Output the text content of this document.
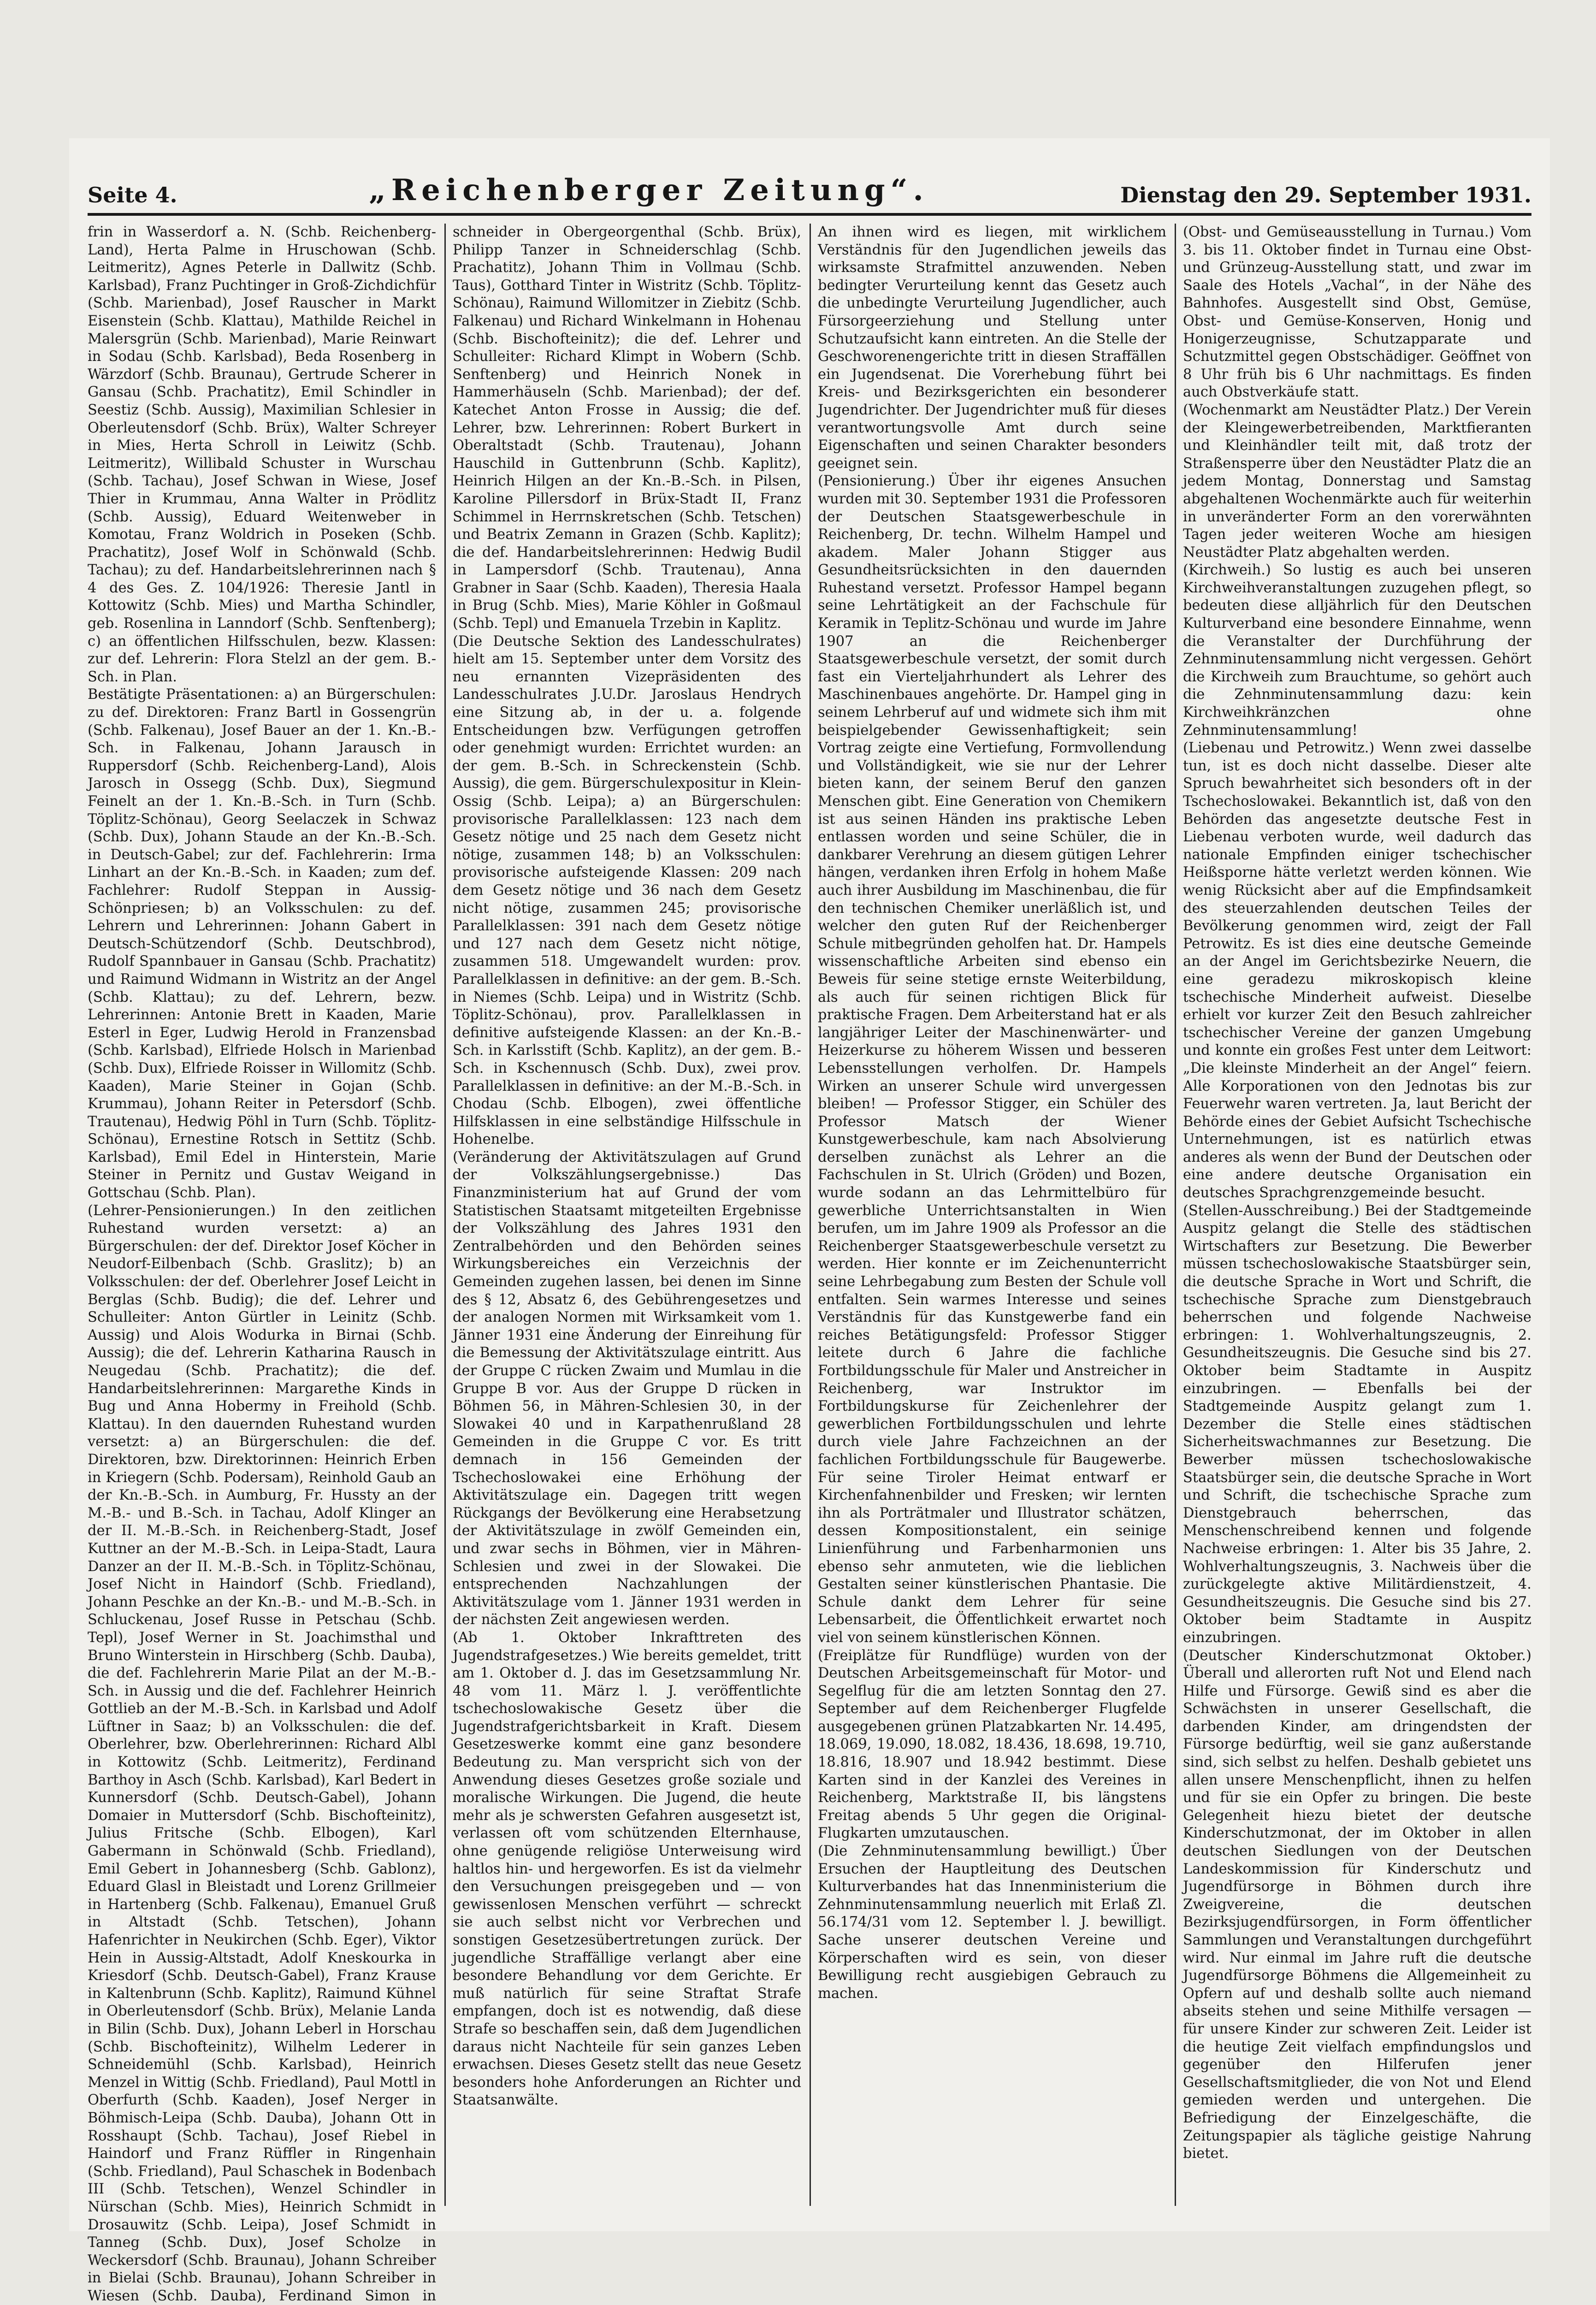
Seite 4.	„Reichenberger Zeitung“.	Dienstag den 29. September 1931.

frin in Wasserdorf a. N. (Schb. Reichenberg-Land), Herta Palme in Hruschowan (Schb. Leitmeritz), Agnes Peterle in Dallwitz (Schb. Karlsbad), Franz Puchtinger in Groß-Zichdichfür (Schb. Marienbad), Josef Rauscher in Markt Eisenstein (Schb. Klattau), Mathilde Reichel in Malersgrün (Schb. Marienbad), Marie Reinwart in Sodau (Schb. Karlsbad), Beda Rosenberg in Wärzdorf (Schb. Braunau), Gertrude Scherer in Gansau (Schb. Prachatitz), Emil Schindler in Seestiz (Schb. Aussig), Maximilian Schlesier in Oberleutensdorf (Schb. Brüx), Walter Schreyer in Mies, Herta Schroll in Leiwitz (Schb. Leitmeritz), Willibald Schuster in Wurschau (Schb. Tachau), Josef Schwan in Wiese, Josef Thier in Krummau, Anna Walter in Prödlitz (Schb. Aussig), Eduard Weitenweber in Komotau, Franz Woldrich in Poseken (Schb. Prachatitz), Josef Wolf in Schönwald (Schb. Tachau); zu def. Handarbeitslehrerinnen nach § 4 des Ges. Z. 104/1926: Theresie Jantl in Kottowitz (Schb. Mies) und Martha Schindler, geb. Rosenlina in Lanndorf (Schb. Senftenberg); c) an öffentlichen Hilfsschulen, bezw. Klassen: zur def. Lehrerin: Flora Stelzl an der gem. B.-Sch. in Plan.

Bestätigte Präsentationen: a) an Bürgerschulen: zu def. Direktoren: Franz Bartl in Gossengrün (Schb. Falkenau), Josef Bauer an der 1. Kn.-B.-Sch. in Falkenau, Johann Jarausch in Ruppersdorf (Schb. Reichenberg-Land), Alois Jarosch in Ossegg (Schb. Dux), Siegmund Feinelt an der 1. Kn.-B.-Sch. in Turn (Schb. Töplitz-Schönau), Georg Seelaczek in Schwaz (Schb. Dux), Johann Staude an der Kn.-B.-Sch. in Deutsch-Gabel; zur def. Fachlehrerin: Irma Linhart an der Kn.-B.-Sch. in Kaaden; zum def. Fachlehrer: Rudolf Steppan in Aussig-Schönpriesen; b) an Volksschulen: zu def. Lehrern und Lehrerinnen: Johann Gabert in Deutsch-Schützendorf (Schb. Deutschbrod), Rudolf Spannbauer in Gansau (Schb. Prachatitz) und Raimund Widmann in Wistritz an der Angel (Schb. Klattau); zu def. Lehrern, bezw. Lehrerinnen: Antonie Brett in Kaaden, Marie Esterl in Eger, Ludwig Herold in Franzensbad (Schb. Karlsbad), Elfriede Holsch in Marienbad (Schb. Dux), Elfriede Roisser in Willomitz (Schb. Kaaden), Marie Steiner in Gojan (Schb. Krummau), Johann Reiter in Petersdorf (Schb. Trautenau), Hedwig Pöhl in Turn (Schb. Töplitz-Schönau), Ernestine Rotsch in Settitz (Schb. Karlsbad), Emil Edel in Hinterstein, Marie Steiner in Pernitz und Gustav Weigand in Gottschau (Schb. Plan).

(Lehrer-Pensionierungen.) In den zeitlichen Ruhestand wurden versetzt: a) an Bürgerschulen: der def. Direktor Josef Köcher in Neudorf-Eilbenbach (Schb. Graslitz); b) an Volksschulen: der def. Oberlehrer Josef Leicht in Berglas (Schb. Budig); die def. Lehrer und Schulleiter: Anton Gürtler in Leinitz (Schb. Aussig) und Alois Wodurka in Birnai (Schb. Aussig); die def. Lehrerin Katharina Rausch in Neugedau (Schb. Prachatitz); die def. Handarbeitslehrerinnen: Margarethe Kinds in Bug und Anna Hobermy in Freihold (Schb. Klattau). In den dauernden Ruhestand wurden versetzt: a) an Bürgerschulen: die def. Direktoren, bzw. Direktorinnen: Heinrich Erben in Kriegern (Schb. Podersam), Reinhold Gaub an der Kn.-B.-Sch. in Aumburg, Fr. Hussty an der M.-B.- und B.-Sch. in Tachau, Adolf Klinger an der II. M.-B.-Sch. in Reichenberg-Stadt, Josef Kuttner an der M.-B.-Sch. in Leipa-Stadt, Laura Danzer an der II. M.-B.-Sch. in Töplitz-Schönau, Josef Nicht in Haindorf (Schb. Friedland), Johann Peschke an der Kn.-B.- und M.-B.-Sch. in Schluckenau, Josef Russe in Petschau (Schb. Tepl), Josef Werner in St. Joachimsthal und Bruno Winterstein in Hirschberg (Schb. Dauba), die def. Fachlehrerin Marie Pilat an der M.-B.-Sch. in Aussig und die def. Fachlehrer Heinrich Gottlieb an der M.-B.-Sch. in Karlsbad und Adolf Lüftner in Saaz; b) an Volksschulen: die def. Oberlehrer, bzw. Oberlehrerinnen: Richard Albl in Kottowitz (Schb. Leitmeritz), Ferdinand Barthoy in Asch (Schb. Karlsbad), Karl Bedert in Kunnersdorf (Schb. Deutsch-Gabel), Johann Domaier in Muttersdorf (Schb. Bischofteinitz), Julius Fritsche (Schb. Elbogen), Karl Gabermann in Schönwald (Schb. Friedland), Emil Gebert in Johannesberg (Schb. Gablonz), Eduard Glasl in Bleistadt und Lorenz Grillmeier in Hartenberg (Schb. Falkenau), Emanuel Gruß in Altstadt (Schb. Tetschen), Johann Hafenrichter in Neukirchen (Schb. Eger), Viktor Hein in Aussig-Altstadt, Adolf Kneskourka in Kriesdorf (Schb. Deutsch-Gabel), Franz Krause in Kaltenbrunn (Schb. Kaplitz), Raimund Kühnel in Oberleutensdorf (Schb. Brüx), Melanie Landa in Bilin (Schb. Dux), Johann Leberl in Horschau (Schb. Bischofteinitz), Wilhelm Lederer in Schneidemühl (Schb. Karlsbad), Heinrich Menzel in Wittig (Schb. Friedland), Paul Mottl in Oberfurth (Schb. Kaaden), Josef Nerger in Böhmisch-Leipa (Schb. Dauba), Johann Ott in Rosshaupt (Schb. Tachau), Josef Riebel in Haindorf und Franz Rüffler in Ringenhain (Schb. Friedland), Paul Schaschek in Bodenbach III (Schb. Tetschen), Wenzel Schindler in Nürschan (Schb. Mies), Heinrich Schmidt in Drosauwitz (Schb. Leipa), Josef Schmidt in Tanneg (Schb. Dux), Josef Scholze in Weckersdorf (Schb. Braunau), Johann Schreiber in Bielai (Schb. Braunau), Johann Schreiber in Wiesen (Schb. Dauba), Ferdinand Simon in

schneider in Obergeorgenthal (Schb. Brüx), Philipp Tanzer in Schneiderschlag (Schb. Prachatitz), Johann Thim in Vollmau (Schb. Taus), Gotthard Tinter in Wistritz (Schb. Töplitz-Schönau), Raimund Willomitzer in Ziebitz (Schb. Falkenau) und Richard Winkelmann in Hohenau (Schb. Bischofteinitz); die def. Lehrer und Schulleiter: Richard Klimpt in Wobern (Schb. Senftenberg) und Heinrich Nonek in Hammerhäuseln (Schb. Marienbad); der def. Katechet Anton Frosse in Aussig; die def. Lehrer, bzw. Lehrerinnen: Robert Burkert in Oberaltstadt (Schb. Trautenau), Johann Hauschild in Guttenbrunn (Schb. Kaplitz), Heinrich Hilgen an der Kn.-B.-Sch. in Pilsen, Karoline Pillersdorf in Brüx-Stadt II, Franz Schimmel in Herrnskretschen (Schb. Tetschen) und Beatrix Zemann in Grazen (Schb. Kaplitz); die def. Handarbeitslehrerinnen: Hedwig Budil in Lampersdorf (Schb. Trautenau), Anna Grabner in Saar (Schb. Kaaden), Theresia Haala in Brug (Schb. Mies), Marie Köhler in Goßmaul (Schb. Tepl) und Emanuela Trzebin in Kaplitz.

(Die Deutsche Sektion des Landesschulrates) hielt am 15. September unter dem Vorsitz des neu ernannten Vizepräsidenten des Landesschulrates J.U.Dr. Jaroslaus Hendrych eine Sitzung ab, in der u. a. folgende Entscheidungen bzw. Verfügungen getroffen oder genehmigt wurden: Errichtet wurden: an der gem. B.-Sch. in Schreckenstein (Schb. Aussig), die gem. Bürgerschulexpositur in Klein-Ossig (Schb. Leipa); a) an Bürgerschulen: provisorische Parallelklassen: 123 nach dem Gesetz nötige und 25 nach dem Gesetz nicht nötige, zusammen 148; b) an Volksschulen: provisorische aufsteigende Klassen: 209 nach dem Gesetz nötige und 36 nach dem Gesetz nicht nötige, zusammen 245; provisorische Parallelklassen: 391 nach dem Gesetz nötige und 127 nach dem Gesetz nicht nötige, zusammen 518. Umgewandelt wurden: prov. Parallelklassen in definitive: an der gem. B.-Sch. in Niemes (Schb. Leipa) und in Wistritz (Schb. Töplitz-Schönau), prov. Parallelklassen in definitive aufsteigende Klassen: an der Kn.-B.-Sch. in Karlsstift (Schb. Kaplitz), an der gem. B.-Sch. in Kschennusch (Schb. Dux), zwei prov. Parallelklassen in definitive: an der M.-B.-Sch. in Chodau (Schb. Elbogen), zwei öffentliche Hilfsklassen in eine selbständige Hilfsschule in Hohenelbe.

(Veränderung der Aktivitätszulagen auf Grund der Volkszählungsergebnisse.) Das Finanzministerium hat auf Grund der vom Statistischen Staatsamt mitgeteilten Ergebnisse der Volkszählung des Jahres 1931 den Zentralbehörden und den Behörden seines Wirkungsbereiches ein Verzeichnis der Gemeinden zugehen lassen, bei denen im Sinne des § 12, Absatz 6, des Gebührengesetzes und der analogen Normen mit Wirksamkeit vom 1. Jänner 1931 eine Änderung der Einreihung für die Bemessung der Aktivitätszulage eintritt. Aus der Gruppe C rücken Zwaim und Mumlau in die Gruppe B vor. Aus der Gruppe D rücken in Böhmen 56, in Mähren-Schlesien 30, in der Slowakei 40 und in Karpathenrußland 28 Gemeinden in die Gruppe C vor. Es tritt demnach in 156 Gemeinden der Tschechoslowakei eine Erhöhung der Aktivitätszulage ein. Dagegen tritt wegen Rückgangs der Bevölkerung eine Herabsetzung der Aktivitätszulage in zwölf Gemeinden ein, und zwar sechs in Böhmen, vier in Mähren-Schlesien und zwei in der Slowakei. Die entsprechenden Nachzahlungen der Aktivitätszulage vom 1. Jänner 1931 werden in der nächsten Zeit angewiesen werden.

(Ab 1. Oktober Inkrafttreten des Jugendstrafgesetzes.) Wie bereits gemeldet, tritt am 1. Oktober d. J. das im Gesetzsammlung Nr. 48 vom 11. März l. J. veröffentlichte tschechoslowakische Gesetz über die Jugendstrafgerichtsbarkeit in Kraft. Diesem Gesetzeswerke kommt eine ganz besondere Bedeutung zu. Man verspricht sich von der Anwendung dieses Gesetzes große soziale und moralische Wirkungen. Die Jugend, die heute mehr als je schwersten Gefahren ausgesetzt ist, verlassen oft vom schützenden Elternhause, ohne genügende religiöse Unterweisung wird haltlos hin- und hergeworfen. Es ist da vielmehr den Versuchungen preisgegeben und — von gewissenlosen Menschen verführt — schreckt sie auch selbst nicht vor Verbrechen und sonstigen Gesetzesübertretungen zurück. Der jugendliche Straffällige verlangt aber eine besondere Behandlung vor dem Gerichte. Er muß natürlich für seine Straftat Strafe empfangen, doch ist es notwendig, daß diese Strafe so beschaffen sein, daß dem Jugendlichen daraus nicht Nachteile für sein ganzes Leben erwachsen. Dieses Gesetz stellt das neue Gesetz besonders hohe Anforderungen an Richter und Staatsanwälte.

An ihnen wird es liegen, mit wirklichem Verständnis für den Jugendlichen jeweils das wirksamste Strafmittel anzuwenden. Neben bedingter Verurteilung kennt das Gesetz auch die unbedingte Verurteilung Jugendlicher, auch Fürsorgeerziehung und Stellung unter Schutzaufsicht kann eintreten. An die Stelle der Geschworenengerichte tritt in diesen Straffällen ein Jugendsenat. Die Vorerhebung führt bei Kreis- und Bezirksgerichten ein besonderer Jugendrichter. Der Jugendrichter muß für dieses verantwortungsvolle Amt durch seine Eigenschaften und seinen Charakter besonders geeignet sein.

(Pensionierung.) Über ihr eigenes Ansuchen wurden mit 30. September 1931 die Professoren der Deutschen Staatsgewerbeschule in Reichenberg, Dr. techn. Wilhelm Hampel und akadem. Maler Johann Stigger aus Gesundheitsrücksichten in den dauernden Ruhestand versetzt. Professor Hampel begann seine Lehrtätigkeit an der Fachschule für Keramik in Teplitz-Schönau und wurde im Jahre 1907 an die Reichenberger Staatsgewerbeschule versetzt, der somit durch fast ein Vierteljahrhundert als Lehrer des Maschinenbaues angehörte. Dr. Hampel ging in seinem Lehrberuf auf und widmete sich ihm mit beispielgebender Gewissenhaftigkeit; sein Vortrag zeigte eine Vertiefung, Formvollendung und Vollständigkeit, wie sie nur der Lehrer bieten kann, der seinem Beruf den ganzen Menschen gibt. Eine Generation von Chemikern ist aus seinen Händen ins praktische Leben entlassen worden und seine Schüler, die in dankbarer Verehrung an diesem gütigen Lehrer hängen, verdanken ihren Erfolg in hohem Maße auch ihrer Ausbildung im Maschinenbau, die für den technischen Chemiker unerläßlich ist, und welcher den guten Ruf der Reichenberger Schule mitbegründen geholfen hat. Dr. Hampels wissenschaftliche Arbeiten sind ebenso ein Beweis für seine stetige ernste Weiterbildung, als auch für seinen richtigen Blick für praktische Fragen. Dem Arbeiterstand hat er als langjähriger Leiter der Maschinenwärter- und Heizerkurse zu höherem Wissen und besseren Lebensstellungen verholfen. Dr. Hampels Wirken an unserer Schule wird unvergessen bleiben! — Professor Stigger, ein Schüler des Professor Matsch der Wiener Kunstgewerbeschule, kam nach Absolvierung derselben zunächst als Lehrer an die Fachschulen in St. Ulrich (Gröden) und Bozen, wurde sodann an das Lehrmittelbüro für gewerbliche Unterrichtsanstalten in Wien berufen, um im Jahre 1909 als Professor an die Reichenberger Staatsgewerbeschule versetzt zu werden. Hier konnte er im Zeichenunterricht seine Lehrbegabung zum Besten der Schule voll entfalten. Sein warmes Interesse und seines Verständnis für das Kunstgewerbe fand ein reiches Betätigungsfeld: Professor Stigger leitete durch 6 Jahre die fachliche Fortbildungsschule für Maler und Anstreicher in Reichenberg, war Instruktor im Fortbildungskurse für Zeichenlehrer der gewerblichen Fortbildungsschulen und lehrte durch viele Jahre Fachzeichnen an der fachlichen Fortbildungsschule für Baugewerbe. Für seine Tiroler Heimat entwarf er Kirchenfahnenbilder und Fresken; wir lernten ihn als Porträtmaler und Illustrator schätzen, dessen Kompositionstalent, ein seinige Linienführung und Farbenharmonien uns ebenso sehr anmuteten, wie die lieblichen Gestalten seiner künstlerischen Phantasie. Die Schule dankt dem Lehrer für seine Lebensarbeit, die Öffentlichkeit erwartet noch viel von seinem künstlerischen Können.

(Freiplätze für Rundflüge) wurden von der Deutschen Arbeitsgemeinschaft für Motor- und Segelflug für die am letzten Sonntag den 27. September auf dem Reichenberger Flugfelde ausgegebenen grünen Platzabkarten Nr. 14.495, 18.069, 19.090, 18.082, 18.436, 18.698, 19.710, 18.816, 18.907 und 18.942 bestimmt. Diese Karten sind in der Kanzlei des Vereines in Reichenberg, Marktstraße II, bis längstens Freitag abends 5 Uhr gegen die Original-Flugkarten umzutauschen.

(Die Zehnminutensammlung bewilligt.) Über Ersuchen der Hauptleitung des Deutschen Kulturverbandes hat das Innenministerium die Zehnminutensammlung neuerlich mit Erlaß Zl. 56.174/31 vom 12. September l. J. bewilligt. Sache unserer deutschen Vereine und Körperschaften wird es sein, von dieser Bewilligung recht ausgiebigen Gebrauch zu machen.

(Obst- und Gemüseausstellung in Turnau.) Vom 3. bis 11. Oktober findet in Turnau eine Obst- und Grünzeug-Ausstellung statt, und zwar im Saale des Hotels „Vachal“, in der Nähe des Bahnhofes. Ausgestellt sind Obst, Gemüse, Obst- und Gemüse-Konserven, Honig und Honigerzeugnisse, Schutzapparate und Schutzmittel gegen Obstschädiger. Geöffnet von 8 Uhr früh bis 6 Uhr nachmittags. Es finden auch Obstverkäufe statt.

(Wochenmarkt am Neustädter Platz.) Der Verein der Kleingewerbetreibenden, Marktfieranten und Kleinhändler teilt mit, daß trotz der Straßensperre über den Neustädter Platz die an jedem Montag, Donnerstag und Samstag abgehaltenen Wochenmärkte auch für weiterhin in unveränderter Form an den vorerwähnten Tagen jeder weiteren Woche am hiesigen Neustädter Platz abgehalten werden.

(Kirchweih.) So lustig es auch bei unseren Kirchweihveranstaltungen zuzugehen pflegt, so bedeuten diese alljährlich für den Deutschen Kulturverband eine besondere Einnahme, wenn die Veranstalter der Durchführung der Zehnminutensammlung nicht vergessen. Gehört die Kirchweih zum Brauchtume, so gehört auch die Zehnminutensammlung dazu: kein Kirchweihkränzchen ohne Zehnminutensammlung!

(Liebenau und Petrowitz.) Wenn zwei dasselbe tun, ist es doch nicht dasselbe. Dieser alte Spruch bewahrheitet sich besonders oft in der Tschechoslowakei. Bekanntlich ist, daß von den Behörden das angesetzte deutsche Fest in Liebenau verboten wurde, weil dadurch das nationale Empfinden einiger tschechischer Heißsporne hätte verletzt werden können. Wie wenig Rücksicht aber auf die Empfindsamkeit des steuerzahlenden deutschen Teiles der Bevölkerung genommen wird, zeigt der Fall Petrowitz. Es ist dies eine deutsche Gemeinde an der Angel im Gerichtsbezirke Neuern, die eine geradezu mikroskopisch kleine tschechische Minderheit aufweist. Dieselbe erhielt vor kurzer Zeit den Besuch zahlreicher tschechischer Vereine der ganzen Umgebung und konnte ein großes Fest unter dem Leitwort: „Die kleinste Minderheit an der Angel“ feiern. Alle Korporationen von den Jednotas bis zur Feuerwehr waren vertreten. Ja, laut Bericht der Behörde eines der Gebiet Aufsicht Tschechische Unternehmungen, ist es natürlich etwas anderes als wenn der Bund der Deutschen oder eine andere deutsche Organisation ein deutsches Sprachgrenzgemeinde besucht.

(Stellen-Ausschreibung.) Bei der Stadtgemeinde Auspitz gelangt die Stelle des städtischen Wirtschafters zur Besetzung. Die Bewerber müssen tschechoslowakische Staatsbürger sein, die deutsche Sprache in Wort und Schrift, die tschechische Sprache zum Dienstgebrauch beherrschen und folgende Nachweise erbringen: 1. Wohlverhaltungszeugnis, 2. Gesundheitszeugnis. Die Gesuche sind bis 27. Oktober beim Stadtamte in Auspitz einzubringen. — Ebenfalls bei der Stadtgemeinde Auspitz gelangt zum 1. Dezember die Stelle eines städtischen Sicherheitswachmannes zur Besetzung. Die Bewerber müssen tschechoslowakische Staatsbürger sein, die deutsche Sprache in Wort und Schrift, die tschechische Sprache zum Dienstgebrauch beherrschen, das Menschenschreibend kennen und folgende Nachweise erbringen: 1. Alter bis 35 Jahre, 2. Wohlverhaltungszeugnis, 3. Nachweis über die zurückgelegte aktive Militärdienstzeit, 4. Gesundheitszeugnis. Die Gesuche sind bis 27. Oktober beim Stadtamte in Auspitz einzubringen.

(Deutscher Kinderschutzmonat Oktober.) Überall und allerorten ruft Not und Elend nach Hilfe und Fürsorge. Gewiß sind es aber die Schwächsten in unserer Gesellschaft, die darbenden Kinder, am dringendsten der Fürsorge bedürftig, weil sie ganz außerstande sind, sich selbst zu helfen. Deshalb gebietet uns allen unsere Menschenpflicht, ihnen zu helfen und für sie ein Opfer zu bringen. Die beste Gelegenheit hiezu bietet der deutsche Kinderschutzmonat, der im Oktober in allen deutschen Siedlungen von der Deutschen Landeskommission für Kinderschutz und Jugendfürsorge in Böhmen durch ihre Zweigvereine, die deutschen Bezirksjugendfürsorgen, in Form öffentlicher Sammlungen und Veranstaltungen durchgeführt wird. Nur einmal im Jahre ruft die deutsche Jugendfürsorge Böhmens die Allgemeinheit zu Opfern auf und deshalb sollte auch niemand abseits stehen und seine Mithilfe versagen — für unsere Kinder zur schweren Zeit. Leider ist die heutige Zeit vielfach empfindungslos und gegenüber den Hilferufen jener Gesellschaftsmitglieder, die von Not und Elend gemieden werden und untergehen. Die Befriedigung der Einzelgeschäfte, die Zeitungspapier als tägliche geistige Nahrung bietet.
